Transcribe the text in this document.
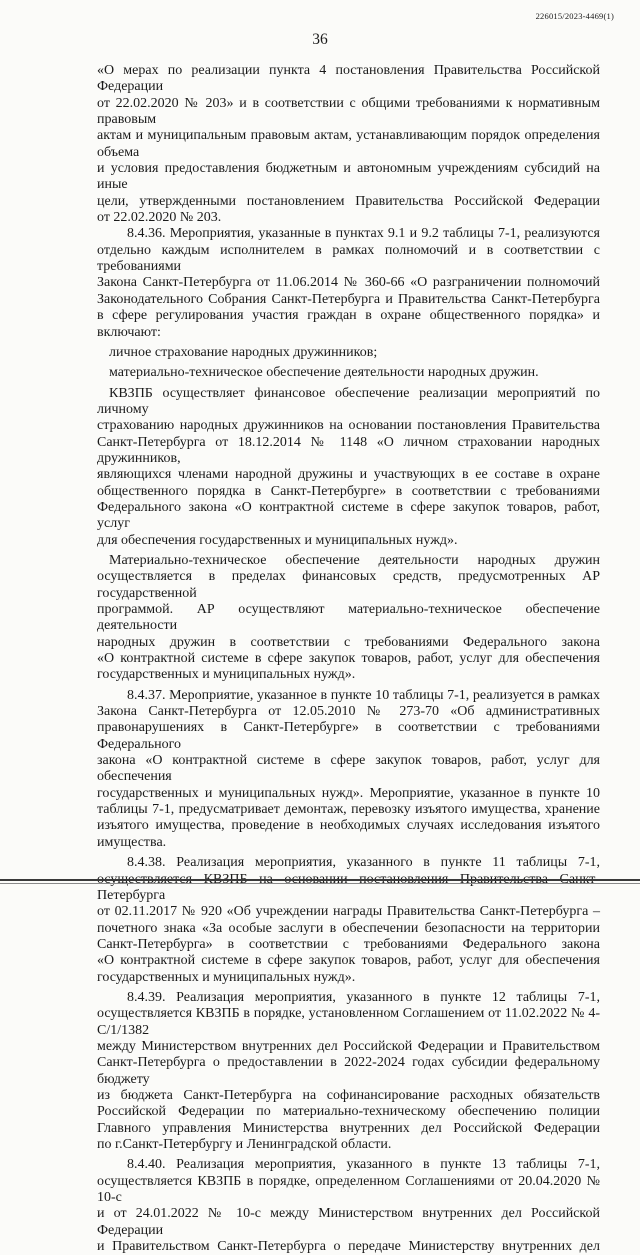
226015/2023-4469(1)
36
«О мерах по реализации пункта 4 постановления Правительства Российской Федерации
от 22.02.2020 № 203» и в соответствии с общими требованиями к нормативным правовым
актам и муниципальным правовым актам, устанавливающим порядок определения объема
и условия предоставления бюджетным и автономным учреждениям субсидий на иные
цели, утвержденными постановлением Правительства Российской Федерации
от 22.02.2020 № 203.
8.4.36. Мероприятия, указанные в пунктах 9.1 и 9.2 таблицы 7-1, реализуются
отдельно каждым исполнителем в рамках полномочий и в соответствии с требованиями
Закона Санкт-Петербурга от 11.06.2014 № 360-66 «О разграничении полномочий
Законодательного Собрания Санкт-Петербурга и Правительства Санкт-Петербурга
в сфере регулирования участия граждан в охране общественного порядка» и включают:
личное страхование народных дружинников;
материально-техническое обеспечение деятельности народных дружин.
КВЗПБ осуществляет финансовое обеспечение реализации мероприятий по личному
страхованию народных дружинников на основании постановления Правительства
Санкт-Петербурга от 18.12.2014 № 1148 «О личном страховании народных дружинников,
являющихся членами народной дружины и участвующих в ее составе в охране
общественного порядка в Санкт-Петербурге» в соответствии с требованиями
Федерального закона «О контрактной системе в сфере закупок товаров, работ, услуг
для обеспечения государственных и муниципальных нужд».
Материально-техническое обеспечение деятельности народных дружин
осуществляется в пределах финансовых средств, предусмотренных АР государственной
программой. АР осуществляют материально-техническое обеспечение деятельности
народных дружин в соответствии с требованиями Федерального закона
«О контрактной системе в сфере закупок товаров, работ, услуг для обеспечения
государственных и муниципальных нужд».
8.4.37. Мероприятие, указанное в пункте 10 таблицы 7-1, реализуется в рамках
Закона Санкт-Петербурга от 12.05.2010 № 273-70 «Об административных
правонарушениях в Санкт-Петербурге» в соответствии с требованиями Федерального
закона «О контрактной системе в сфере закупок товаров, работ, услуг для обеспечения
государственных и муниципальных нужд». Мероприятие, указанное в пункте 10
таблицы 7-1, предусматривает демонтаж, перевозку изъятого имущества, хранение
изъятого имущества, проведение в необходимых случаях исследования изъятого
имущества.
8.4.38. Реализация мероприятия, указанного в пункте 11 таблицы 7-1,
Петербурга
от 02.11.2017 № 920 «Об учреждении награды Правительства Санкт-Петербурга –
почетного знака «За особые заслуги в обеспечении безопасности на территории
Санкт-Петербурга» в соответствии с требованиями Федерального закона
«О контрактной системе в сфере закупок товаров, работ, услуг для обеспечения
государственных и муниципальных нужд».
8.4.39. Реализация мероприятия, указанного в пункте 12 таблицы 7-1,
осуществляется КВЗПБ в порядке, установленном Соглашением от 11.02.2022 № 4-С/1/1382
между Министерством внутренних дел Российской Федерации и Правительством
Санкт-Петербурга о предоставлении в 2022-2024 годах субсидии федеральному бюджету
из бюджета Санкт-Петербурга на софинансирование расходных обязательств
Российской Федерации по материально-техническому обеспечению полиции
Главного управления Министерства внутренних дел Российской Федерации
по г.Санкт-Петербургу и Ленинградской области.
8.4.40. Реализация мероприятия, указанного в пункте 13 таблицы 7-1,
осуществляется КВЗПБ в порядке, определенном Соглашениями от 20.04.2020 № 10-с
и от 24.01.2022 № 10-с между Министерством внутренних дел Российской Федерации
и Правительством Санкт-Петербурга о передаче Министерству внутренних дел
